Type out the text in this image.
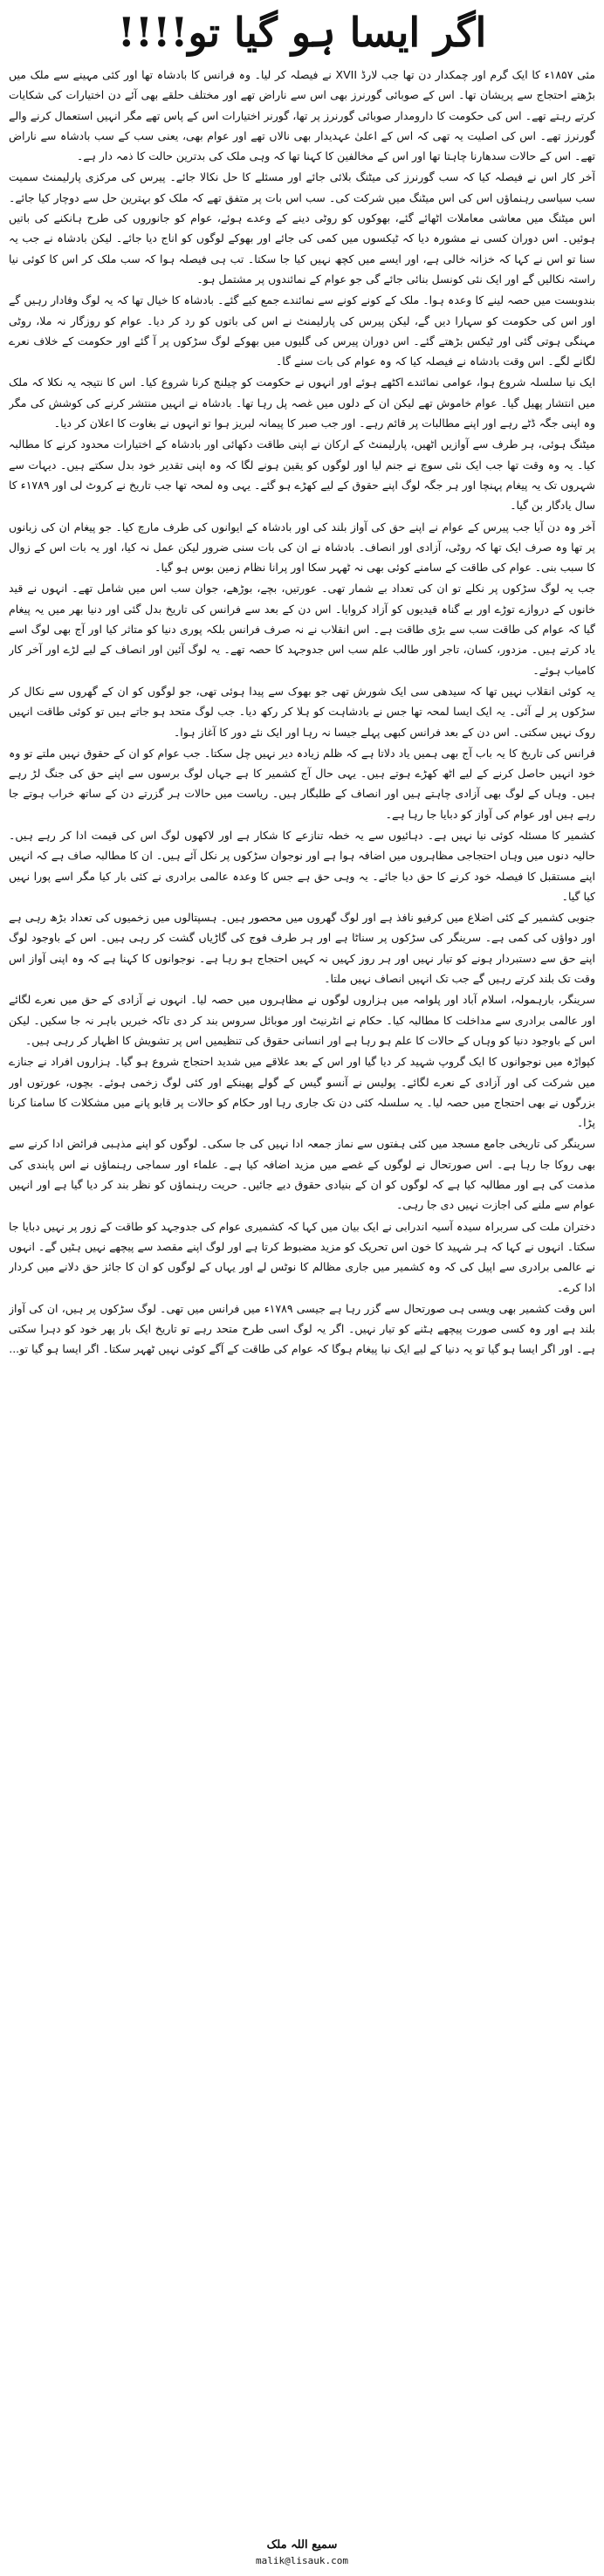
اگر ایسا ہو گیا تو!!!!

مئی ۱۸۵۷ء کا ایک گرم اور چمکدار دن تھا جب لارڈ XVII نے فیصلہ کر لیا۔ وہ فرانس کا بادشاہ تھا اور کئی مہینے سے ملک میں بڑھتے احتجاج سے پریشان تھا۔ اس کے صوبائی گورنرز بھی اس سے ناراض تھے اور مختلف حلقے بھی آئے دن اختیارات کی شکایات کرتے رہتے تھے۔ اس کی حکومت کا دارومدار صوبائی گورنرز پر تھا، گورنر اختیارات اس کے پاس تھے مگر انہیں استعمال کرنے والے گورنرز تھے۔ اس کی اصلیت یہ تھی کہ اس کے اعلیٰ عہدیدار بھی نالاں تھے اور عوام بھی، یعنی سب کے سب بادشاہ سے ناراض تھے۔ اس کے حالات سدھارنا چاہتا تھا اور اس کے مخالفین کا کہنا تھا کہ وہی ملک کی بدترین حالت کا ذمہ دار ہے۔

آخر کار اس نے فیصلہ کیا کہ سب گورنرز کی میٹنگ بلائی جائے اور مسئلے کا حل نکالا جائے۔ پیرس کی مرکزی پارلیمنٹ سمیت سب سیاسی رہنماؤں اس کی اس میٹنگ میں شرکت کی۔ سب اس بات پر متفق تھے کہ ملک کو بہترین حل سے دوچار کیا جائے۔ اس میٹنگ میں معاشی معاملات اٹھائے گئے، بھوکوں کو روٹی دینے کے وعدے ہوئے، عوام کو جانوروں کی طرح ہانکنے کی باتیں ہوئیں۔ اس دوران کسی نے مشورہ دیا کہ ٹیکسوں میں کمی کی جائے اور بھوکے لوگوں کو اناج دیا جائے۔ لیکن بادشاہ نے جب یہ سنا تو اس نے کہا کہ خزانہ خالی ہے، اور ایسے میں کچھ نہیں کیا جا سکتا۔ تب ہی فیصلہ ہوا کہ سب ملک کر اس کا کوئی نیا راستہ نکالیں گے اور ایک نئی کونسل بنائی جائے گی جو عوام کے نمائندوں پر مشتمل ہو۔

بندوبست میں حصہ لینے کا وعدہ ہوا۔ ملک کے کونے کونے سے نمائندے جمع کیے گئے۔ بادشاہ کا خیال تھا کہ یہ لوگ وفادار رہیں گے اور اس کی حکومت کو سہارا دیں گے، لیکن پیرس کی پارلیمنٹ نے اس کی باتوں کو رد کر دیا۔ عوام کو روزگار نہ ملا، روٹی مہنگی ہوتی گئی اور ٹیکس بڑھتے گئے۔ اس دوران پیرس کی گلیوں میں بھوکے لوگ سڑکوں پر آ گئے اور حکومت کے خلاف نعرے لگانے لگے۔ اس وقت بادشاہ نے فیصلہ کیا کہ وہ عوام کی بات سنے گا۔

ایک نیا سلسلہ شروع ہوا، عوامی نمائندے اکٹھے ہوئے اور انہوں نے حکومت کو چیلنج کرنا شروع کیا۔ اس کا نتیجہ یہ نکلا کہ ملک میں انتشار پھیل گیا۔ عوام خاموش تھے لیکن ان کے دلوں میں غصہ پل رہا تھا۔ بادشاہ نے انہیں منتشر کرنے کی کوشش کی مگر وہ اپنی جگہ ڈٹے رہے اور اپنے مطالبات پر قائم رہے۔ اور جب صبر کا پیمانہ لبریز ہوا تو انہوں نے بغاوت کا اعلان کر دیا۔

میٹنگ ہوئی، ہر طرف سے آوازیں اٹھیں، پارلیمنٹ کے ارکان نے اپنی طاقت دکھائی اور بادشاہ کے اختیارات محدود کرنے کا مطالبہ کیا۔ یہ وہ وقت تھا جب ایک نئی سوچ نے جنم لیا اور لوگوں کو یقین ہونے لگا کہ وہ اپنی تقدیر خود بدل سکتے ہیں۔ دیہات سے شہروں تک یہ پیغام پہنچا اور ہر جگہ لوگ اپنے حقوق کے لیے کھڑے ہو گئے۔ یہی وہ لمحہ تھا جب تاریخ نے کروٹ لی اور ۱۷۸۹ء کا سال یادگار بن گیا۔

آخر وہ دن آیا جب پیرس کے عوام نے اپنے حق کی آواز بلند کی اور بادشاہ کے ایوانوں کی طرف مارچ کیا۔ جو پیغام ان کی زبانوں پر تھا وہ صرف ایک تھا کہ روٹی، آزادی اور انصاف۔ بادشاہ نے ان کی بات سنی ضرور لیکن عمل نہ کیا، اور یہ بات اس کے زوال کا سبب بنی۔ عوام کی طاقت کے سامنے کوئی بھی نہ ٹھہر سکا اور پرانا نظام زمین بوس ہو گیا۔

جب یہ لوگ سڑکوں پر نکلے تو ان کی تعداد بے شمار تھی۔ عورتیں، بچے، بوڑھے، جوان سب اس میں شامل تھے۔ انہوں نے قید خانوں کے دروازے توڑے اور بے گناہ قیدیوں کو آزاد کروایا۔ اس دن کے بعد سے فرانس کی تاریخ بدل گئی اور دنیا بھر میں یہ پیغام گیا کہ عوام کی طاقت سب سے بڑی طاقت ہے۔ اس انقلاب نے نہ صرف فرانس بلکہ پوری دنیا کو متاثر کیا اور آج بھی لوگ اسے یاد کرتے ہیں۔ مزدور، کسان، تاجر اور طالب علم سب اس جدوجہد کا حصہ تھے۔ یہ لوگ آئین اور انصاف کے لیے لڑے اور آخر کار کامیاب ہوئے۔

یہ کوئی انقلاب نہیں تھا کہ سیدھی سی ایک شورش تھی جو بھوک سے پیدا ہوئی تھی، جو لوگوں کو ان کے گھروں سے نکال کر سڑکوں پر لے آئی۔ یہ ایک ایسا لمحہ تھا جس نے بادشاہت کو ہلا کر رکھ دیا۔ جب لوگ متحد ہو جاتے ہیں تو کوئی طاقت انہیں روک نہیں سکتی۔ اس دن کے بعد فرانس کبھی پہلے جیسا نہ رہا اور ایک نئے دور کا آغاز ہوا۔

فرانس کی تاریخ کا یہ باب آج بھی ہمیں یاد دلاتا ہے کہ ظلم زیادہ دیر نہیں چل سکتا۔ جب عوام کو ان کے حقوق نہیں ملتے تو وہ خود انہیں حاصل کرنے کے لیے اٹھ کھڑے ہوتے ہیں۔ یہی حال آج کشمیر کا ہے جہاں لوگ برسوں سے اپنے حق کی جنگ لڑ رہے ہیں۔ وہاں کے لوگ بھی آزادی چاہتے ہیں اور انصاف کے طلبگار ہیں۔ ریاست میں حالات ہر گزرتے دن کے ساتھ خراب ہوتے جا رہے ہیں اور عوام کی آواز کو دبایا جا رہا ہے۔

کشمیر کا مسئلہ کوئی نیا نہیں ہے۔ دہائیوں سے یہ خطہ تنازعے کا شکار ہے اور لاکھوں لوگ اس کی قیمت ادا کر رہے ہیں۔ حالیہ دنوں میں وہاں احتجاجی مظاہروں میں اضافہ ہوا ہے اور نوجوان سڑکوں پر نکل آئے ہیں۔ ان کا مطالبہ صاف ہے کہ انہیں اپنے مستقبل کا فیصلہ خود کرنے کا حق دیا جائے۔ یہ وہی حق ہے جس کا وعدہ عالمی برادری نے کئی بار کیا مگر اسے پورا نہیں کیا گیا۔

جنوبی کشمیر کے کئی اضلاع میں کرفیو نافذ ہے اور لوگ گھروں میں محصور ہیں۔ ہسپتالوں میں زخمیوں کی تعداد بڑھ رہی ہے اور دواؤں کی کمی ہے۔ سرینگر کی سڑکوں پر سناٹا ہے اور ہر طرف فوج کی گاڑیاں گشت کر رہی ہیں۔ اس کے باوجود لوگ اپنے حق سے دستبردار ہونے کو تیار نہیں اور ہر روز کہیں نہ کہیں احتجاج ہو رہا ہے۔ نوجوانوں کا کہنا ہے کہ وہ اپنی آواز اس وقت تک بلند کرتے رہیں گے جب تک انہیں انصاف نہیں ملتا۔

سرینگر، بارہمولہ، اسلام آباد اور پلوامہ میں ہزاروں لوگوں نے مظاہروں میں حصہ لیا۔ انہوں نے آزادی کے حق میں نعرے لگائے اور عالمی برادری سے مداخلت کا مطالبہ کیا۔ حکام نے انٹرنیٹ اور موبائل سروس بند کر دی تاکہ خبریں باہر نہ جا سکیں۔ لیکن اس کے باوجود دنیا کو وہاں کے حالات کا علم ہو رہا ہے اور انسانی حقوق کی تنظیمیں اس پر تشویش کا اظہار کر رہی ہیں۔

کپواڑہ میں نوجوانوں کا ایک گروپ شہید کر دیا گیا اور اس کے بعد علاقے میں شدید احتجاج شروع ہو گیا۔ ہزاروں افراد نے جنازے میں شرکت کی اور آزادی کے نعرے لگائے۔ پولیس نے آنسو گیس کے گولے پھینکے اور کئی لوگ زخمی ہوئے۔ بچوں، عورتوں اور بزرگوں نے بھی احتجاج میں حصہ لیا۔ یہ سلسلہ کئی دن تک جاری رہا اور حکام کو حالات پر قابو پانے میں مشکلات کا سامنا کرنا پڑا۔

سرینگر کی تاریخی جامع مسجد میں کئی ہفتوں سے نماز جمعہ ادا نہیں کی جا سکی۔ لوگوں کو اپنے مذہبی فرائض ادا کرنے سے بھی روکا جا رہا ہے۔ اس صورتحال نے لوگوں کے غصے میں مزید اضافہ کیا ہے۔ علماء اور سماجی رہنماؤں نے اس پابندی کی مذمت کی ہے اور مطالبہ کیا ہے کہ لوگوں کو ان کے بنیادی حقوق دیے جائیں۔ حریت رہنماؤں کو نظر بند کر دیا گیا ہے اور انہیں عوام سے ملنے کی اجازت نہیں دی جا رہی۔

دختران ملت کی سربراہ سیدہ آسیہ اندرابی نے ایک بیان میں کہا کہ کشمیری عوام کی جدوجہد کو طاقت کے زور پر نہیں دبایا جا سکتا۔ انہوں نے کہا کہ ہر شہید کا خون اس تحریک کو مزید مضبوط کرتا ہے اور لوگ اپنے مقصد سے پیچھے نہیں ہٹیں گے۔ انہوں نے عالمی برادری سے اپیل کی کہ وہ کشمیر میں جاری مظالم کا نوٹس لے اور یہاں کے لوگوں کو ان کا جائز حق دلانے میں کردار ادا کرے۔

اس وقت کشمیر بھی ویسی ہی صورتحال سے گزر رہا ہے جیسی ۱۷۸۹ء میں فرانس میں تھی۔ لوگ سڑکوں پر ہیں، ان کی آواز بلند ہے اور وہ کسی صورت پیچھے ہٹنے کو تیار نہیں۔ اگر یہ لوگ اسی طرح متحد رہے تو تاریخ ایک بار پھر خود کو دہرا سکتی ہے۔ اور اگر ایسا ہو گیا تو یہ دنیا کے لیے ایک نیا پیغام ہوگا کہ عوام کی طاقت کے آگے کوئی نہیں ٹھہر سکتا۔ اگر ایسا ہو گیا تو...

سمیع اللہ ملک
malik@lisauk.com
